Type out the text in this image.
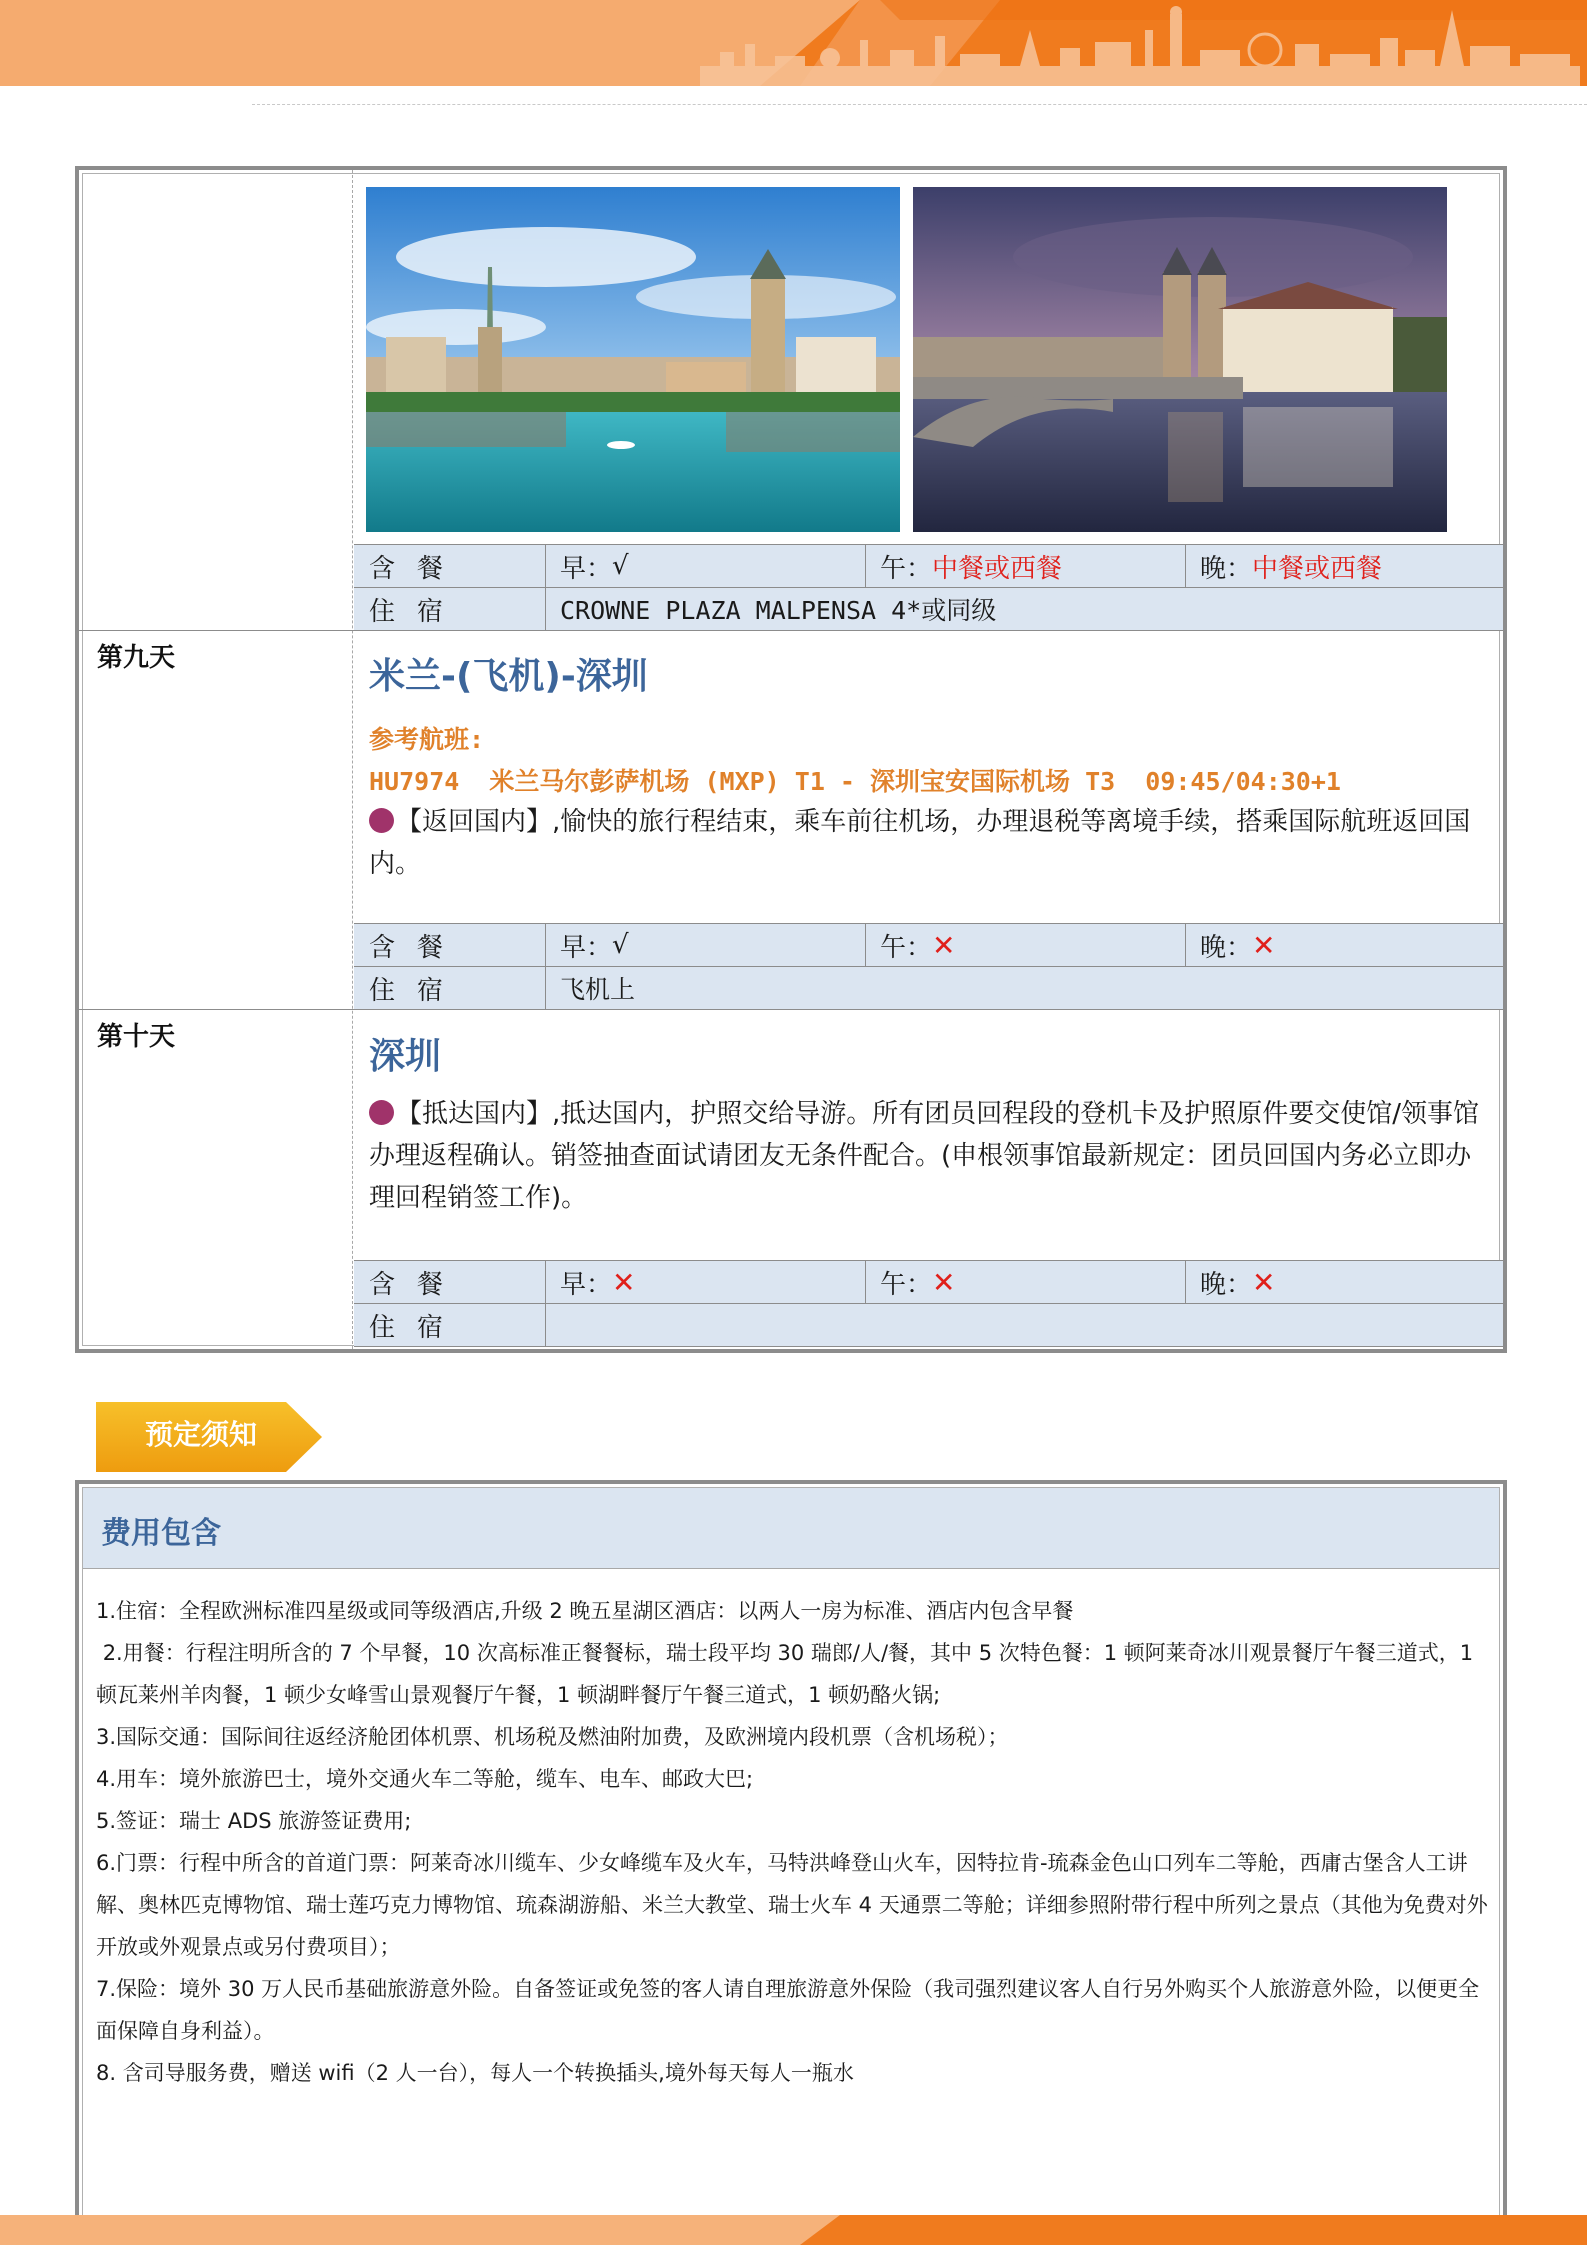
含餐	早： √	午： 中餐或西餐	晚： 中餐或西餐
住宿	CROWNE PLAZA MALPENSA 4*或同级
第九天	米兰-(飞机)-深圳
参考航班:
HU7974  米兰马尔彭萨机场 (MXP) T1 - 深圳宝安国际机场 T3  09:45/04:30+1
【返回国内】,愉快的旅行程结束，乘车前往机场，办理退税等离境手续，搭乘国际航班返回国内。
含餐	早： √	午： ✕	晚： ✕
住宿	飞机上
第十天	深圳
【抵达国内】,抵达国内，护照交给导游。所有团员回程段的登机卡及护照原件要交使馆/领事馆办理返程确认。销签抽查面试请团友无条件配合。(申根领事馆最新规定：团员回国内务必立即办理回程销签工作)。
含餐	早： ✕	午： ✕	晚： ✕
住宿
预定须知
费用包含
1.住宿：全程欧洲标准四星级或同等级酒店,升级 2 晚五星湖区酒店：以两人一房为标准、酒店内包含早餐
2.用餐：行程注明所含的 7 个早餐，10 次高标准正餐餐标，瑞士段平均 30 瑞郎/人/餐，其中 5 次特色餐：1 顿阿莱奇冰川观景餐厅午餐三道式，1 顿瓦莱州羊肉餐，1 顿少女峰雪山景观餐厅午餐，1 顿湖畔餐厅午餐三道式，1 顿奶酪火锅;
3.国际交通：国际间往返经济舱团体机票、机场税及燃油附加费，及欧洲境内段机票（含机场税）；
4.用车：境外旅游巴士，境外交通火车二等舱，缆车、电车、邮政大巴;
5.签证：瑞士 ADS 旅游签证费用;
6.门票：行程中所含的首道门票：阿莱奇冰川缆车、少女峰缆车及火车，马特洪峰登山火车，因特拉肯-琉森金色山口列车二等舱，西庸古堡含人工讲解、奥林匹克博物馆、瑞士莲巧克力博物馆、琉森湖游船、米兰大教堂、瑞士火车 4 天通票二等舱；详细参照附带行程中所列之景点（其他为免费对外开放或外观景点或另付费项目）；
7.保险：境外 30 万人民币基础旅游意外险。自备签证或免签的客人请自理旅游意外保险（我司强烈建议客人自行另外购买个人旅游意外险，以便更全面保障自身利益）。
8. 含司导服务费，赠送 wifi（2 人一台），每人一个转换插头,境外每天每人一瓶水
